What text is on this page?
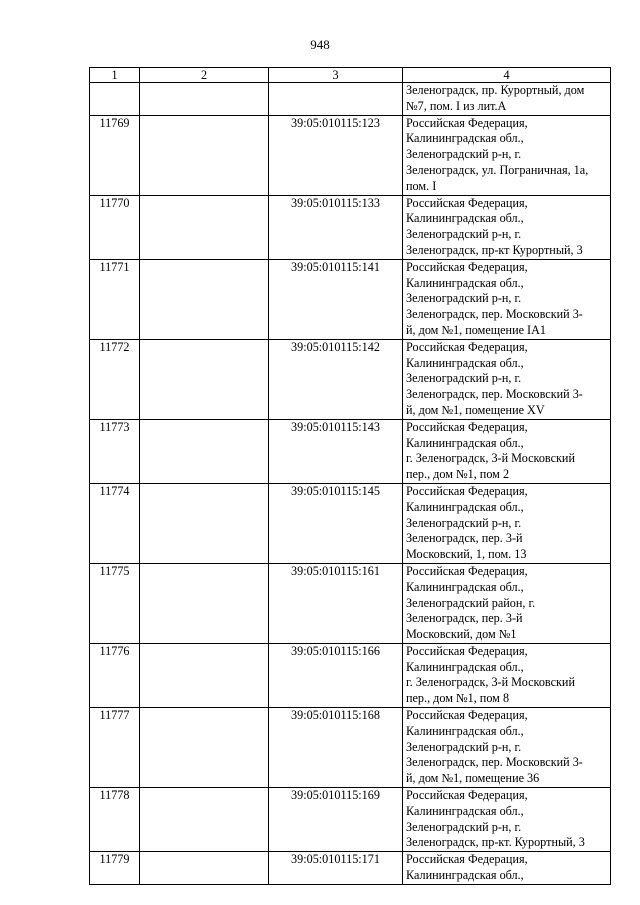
948
1	2	3	4
			Зеленоградск, пр. Курортный, дом
№7, пом. I из лит.А
11769		39:05:010115:123	Российская Федерация,
Калининградская обл.,
Зеленоградский р-н, г.
Зеленоградск, ул. Пограничная, 1а,
пом. I
11770		39:05:010115:133	Российская Федерация,
Калининградская обл.,
Зеленоградский р-н, г.
Зеленоградск, пр-кт Курортный, 3
11771		39:05:010115:141	Российская Федерация,
Калининградская обл.,
Зеленоградский р-н, г.
Зеленоградск, пер. Московский 3-
й, дом №1, помещение IA1
11772		39:05:010115:142	Российская Федерация,
Калининградская обл.,
Зеленоградский р-н, г.
Зеленоградск, пер. Московский 3-
й, дом №1, помещение XV
11773		39:05:010115:143	Российская Федерация,
Калининградская обл.,
г. Зеленоградск, 3-й Московский
пер., дом №1, пом 2
11774		39:05:010115:145	Российская Федерация,
Калининградская обл.,
Зеленоградский р-н, г.
Зеленоградск, пер. 3-й
Московский, 1, пом. 13
11775		39:05:010115:161	Российская Федерация,
Калининградская обл.,
Зеленоградский район, г.
Зеленоградск, пер. 3-й
Московский, дом №1
11776		39:05:010115:166	Российская Федерация,
Калининградская обл.,
г. Зеленоградск, 3-й Московский
пер., дом №1, пом 8
11777		39:05:010115:168	Российская Федерация,
Калининградская обл.,
Зеленоградский р-н, г.
Зеленоградск, пер. Московский 3-
й, дом №1, помещение 36
11778		39:05:010115:169	Российская Федерация,
Калининградская обл.,
Зеленоградский р-н, г.
Зеленоградск, пр-кт. Курортный, 3
11779		39:05:010115:171	Российская Федерация,
Калининградская обл.,
